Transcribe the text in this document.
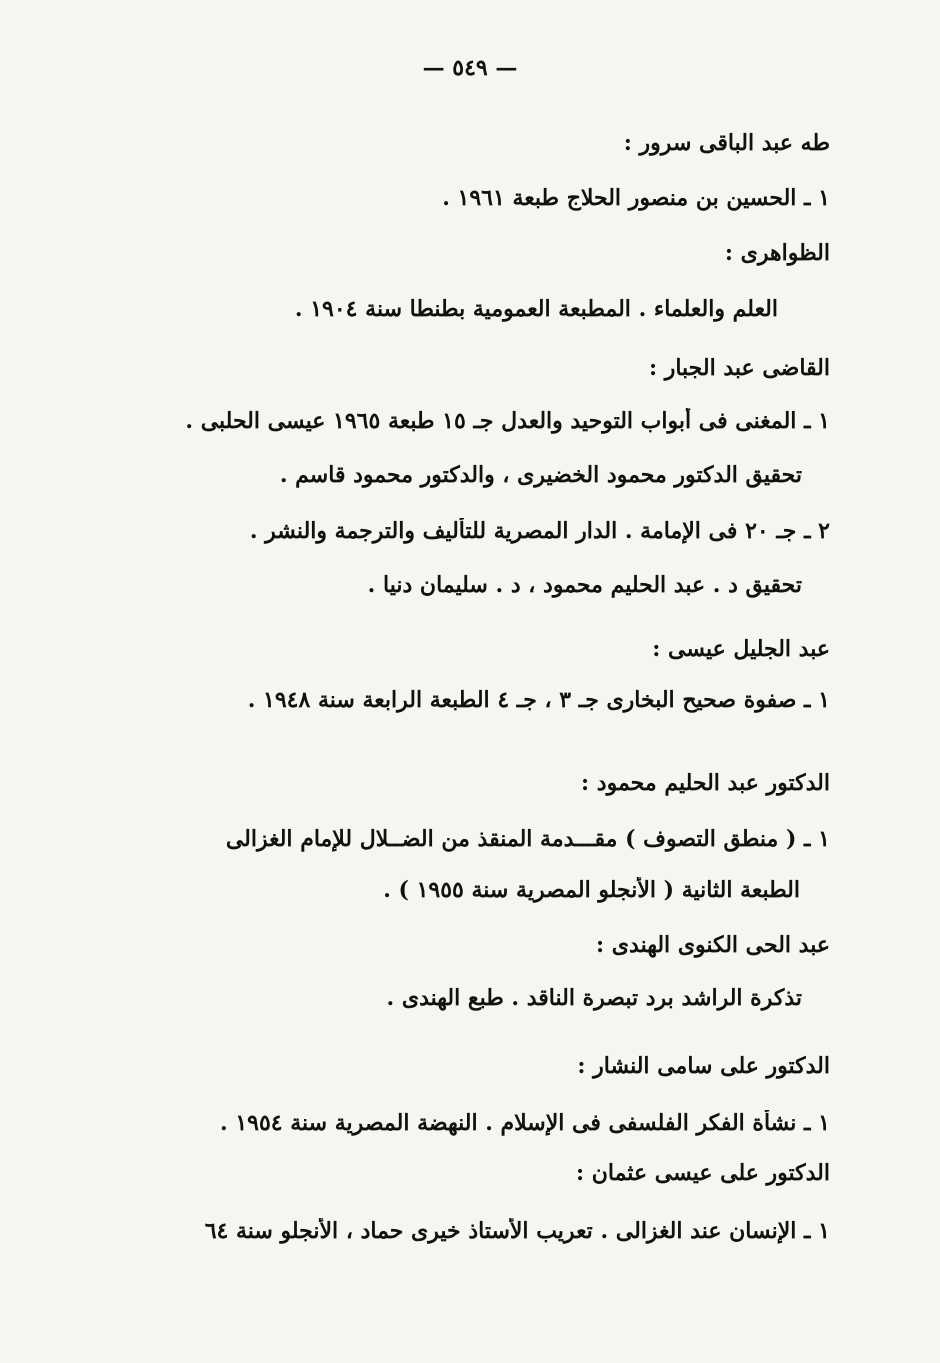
— ٥٤٩ —
طه عبد الباقى سرور :
١ ـ الحسين بن منصور الحلاج طبعة ١٩٦١ .
الظواهرى :
العلم والعلماء . المطبعة العمومية بطنطا سنة ١٩٠٤ .
القاضى عبد الجبار :
١ ـ المغنى فى أبواب التوحيد والعدل جـ ١٥ طبعة ١٩٦٥ عيسى الحلبى .
تحقيق الدكتور محمود الخضيرى ، والدكتور محمود قاسم .
٢ ـ جـ ٢٠ فى الإمامة . الدار المصرية للتأليف والترجمة والنشر .
تحقيق د . عبد الحليم محمود ، د . سليمان دنيا .
عبد الجليل عيسى :
١ ـ صفوة صحيح البخارى جـ ٣ ، جـ ٤ الطبعة الرابعة سنة ١٩٤٨ .
الدكتور عبد الحليم محمود :
١ ـ ( منطق التصوف ) مقـــدمة المنقذ من الضــلال للإمام الغزالى
الطبعة الثانية ( الأنجلو المصرية سنة ١٩٥٥ ) .
عبد الحى الكنوى الهندى :
تذكرة الراشد برد تبصرة الناقد . طبع الهندى .
الدكتور على سامى النشار :
١ ـ نشأة الفكر الفلسفى فى الإسلام . النهضة المصرية سنة ١٩٥٤ .
الدكتور على عيسى عثمان :
١ ـ الإنسان عند الغزالى . تعريب الأستاذ خيرى حماد ، الأنجلو سنة ٦٤
